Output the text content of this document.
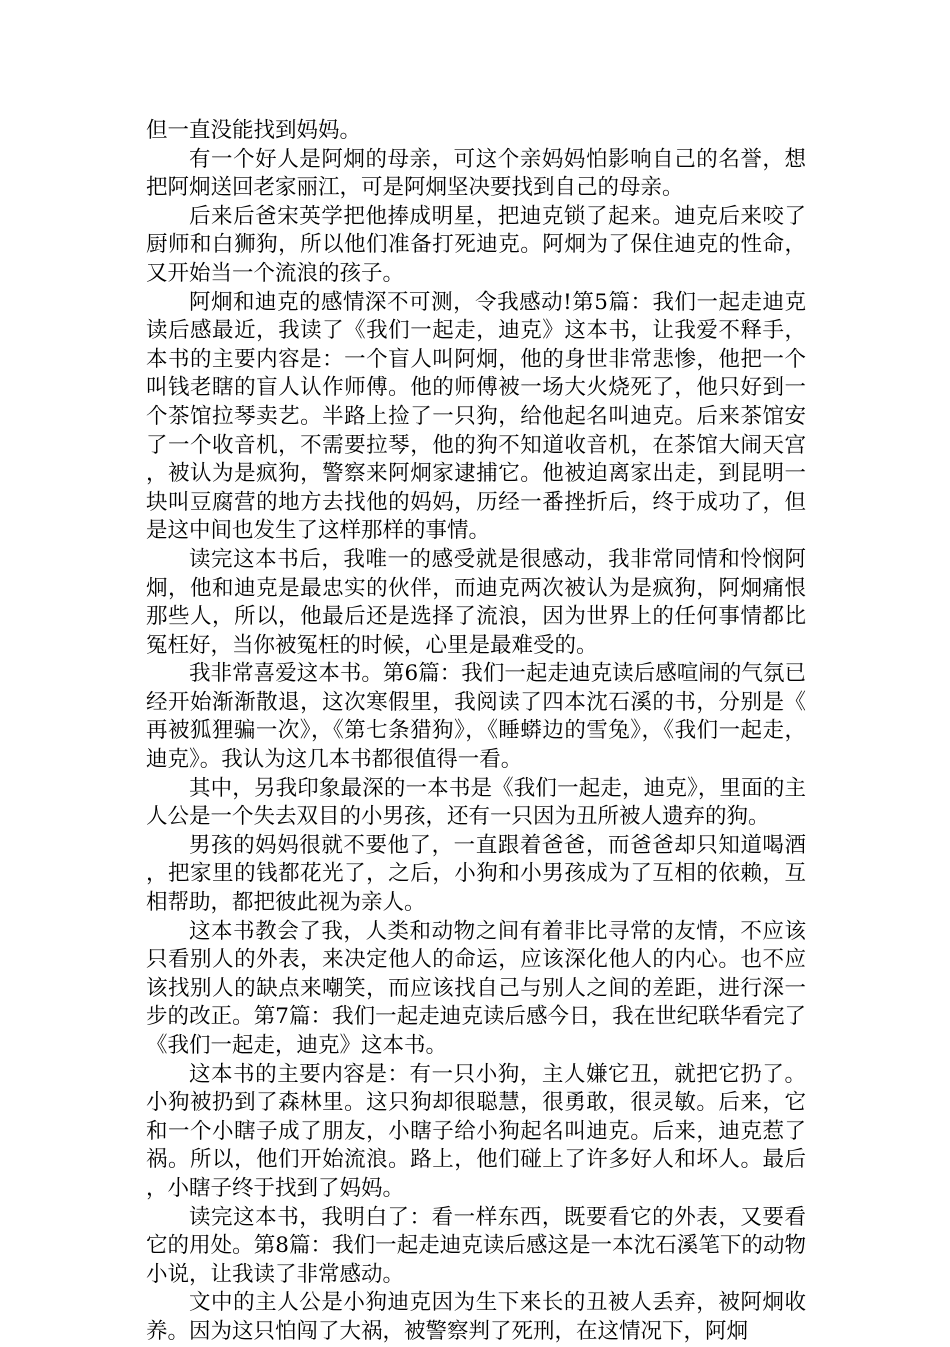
但一直没能找到妈妈。

有一个好人是阿炯的母亲，可这个亲妈妈怕影响自己的名誉，想把阿炯送回老家丽江，可是阿炯坚决要找到自己的母亲。

后来后爸宋英学把他捧成明星，把迪克锁了起来。迪克后来咬了厨师和白狮狗，所以他们准备打死迪克。阿炯为了保住迪克的性命，又开始当一个流浪的孩子。

阿炯和迪克的感情深不可测，令我感动!第5篇：我们一起走迪克读后感最近，我读了《我们一起走，迪克》这本书，让我爱不释手，本书的主要内容是：一个盲人叫阿炯，他的身世非常悲惨，他把一个叫钱老瞎的盲人认作师傅。他的师傅被一场大火烧死了，他只好到一个茶馆拉琴卖艺。半路上捡了一只狗，给他起名叫迪克。后来茶馆安了一个收音机，不需要拉琴，他的狗不知道收音机，在茶馆大闹天宫，被认为是疯狗，警察来阿炯家逮捕它。他被迫离家出走，到昆明一块叫豆腐营的地方去找他的妈妈，历经一番挫折后，终于成功了，但是这中间也发生了这样那样的事情。

读完这本书后，我唯一的感受就是很感动，我非常同情和怜悯阿炯，他和迪克是最忠实的伙伴，而迪克两次被认为是疯狗，阿炯痛恨那些人，所以，他最后还是选择了流浪，因为世界上的任何事情都比冤枉好，当你被冤枉的时候，心里是最难受的。

我非常喜爱这本书。第6篇：我们一起走迪克读后感喧闹的气氛已经开始渐渐散退，这次寒假里，我阅读了四本沈石溪的书，分别是《再被狐狸骗一次》，《第七条猎狗》，《睡蟒边的雪兔》，《我们一起走，迪克》。我认为这几本书都很值得一看。

其中，另我印象最深的一本书是《我们一起走，迪克》，里面的主人公是一个失去双目的小男孩，还有一只因为丑所被人遗弃的狗。

男孩的妈妈很就不要他了，一直跟着爸爸，而爸爸却只知道喝酒，把家里的钱都花光了，之后，小狗和小男孩成为了互相的依赖，互相帮助，都把彼此视为亲人。

这本书教会了我，人类和动物之间有着非比寻常的友情，不应该只看别人的外表，来决定他人的命运，应该深化他人的内心。也不应该找别人的缺点来嘲笑，而应该找自己与别人之间的差距，进行深一步的改正。第7篇：我们一起走迪克读后感今日，我在世纪联华看完了《我们一起走，迪克》这本书。

这本书的主要内容是：有一只小狗，主人嫌它丑，就把它扔了。小狗被扔到了森林里。这只狗却很聪慧，很勇敢，很灵敏。后来，它和一个小瞎子成了朋友，小瞎子给小狗起名叫迪克。后来，迪克惹了祸。所以，他们开始流浪。路上，他们碰上了许多好人和坏人。最后，小瞎子终于找到了妈妈。

读完这本书，我明白了：看一样东西，既要看它的外表，又要看它的用处。第8篇：我们一起走迪克读后感这是一本沈石溪笔下的动物小说，让我读了非常感动。

文中的主人公是小狗迪克因为生下来长的丑被人丢弃，被阿炯收养。因为这只怕闯了大祸，被警察判了死刑，在这情况下，阿炯
